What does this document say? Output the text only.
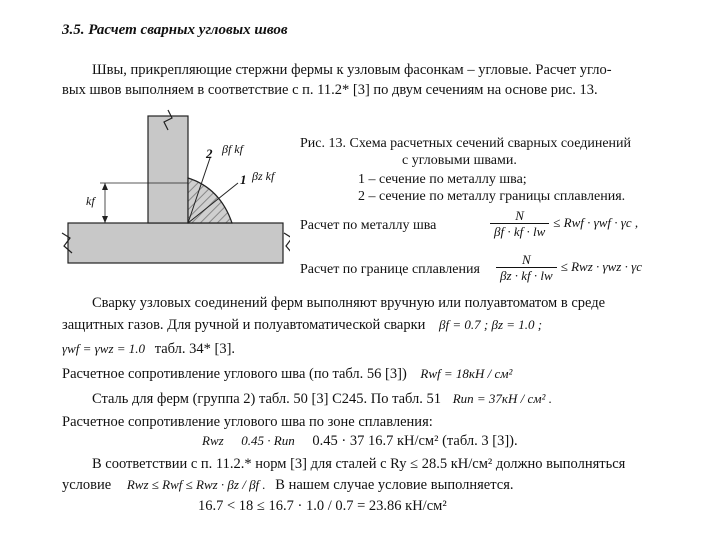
3.5. Расчет сварных угловых швов
Швы, прикрепляющие стержни фермы к узловым фасонкам – угловые. Расчет угло-
вых швов выполняем в соответствие с п. 11.2* [3] по двум сечениям на основе рис. 13.
2 βf kf
1 βz kf
kf
Рис. 13. Схема расчетных сечений сварных соединений
с угловыми швами.
1 – сечение по металлу шва;
2 – сечение по металлу границы сплавления.
Расчет по металлу шва	$\frac{N}{\beta f \cdot kf \cdot lw}$ ≤ Rwf · γwf · γc ,
Расчет по границе сплавления $\frac{N}{\beta z \cdot kf \cdot lw}$ ≤ Rwz · γwz · γc
Сварку узловых соединений ферм выполняют вручную или полуавтоматом в среде
защитных газов. Для ручной и полуавтоматической сварки βf = 0.7 ; βz = 1.0 ;
γwf = γwz = 1.0 табл. 34* [3].
Расчетное сопротивление углового шва (по табл. 56 [3]) Rwf = 18кН / см²
Сталь для ферм (группа 2) табл. 50 [3] С245. По табл. 51 Run = 37кН / см² .
Расчетное сопротивление углового шва по зоне сплавления:
Rwz 0.45 · Run 0.45 · 37 16.7 кН/см² (табл. 3 [3]).
В соответствии с п. 11.2.* норм [3] для сталей с Ry ≤ 28.5 кН/см² должно выполняться
условие Rwz ≤ Rwf ≤ Rwz · βz / βf . В нашем случае условие выполняется.
16.7 < 18 ≤ 16.7 · 1.0 / 0.7 = 23.86 кН/см²
